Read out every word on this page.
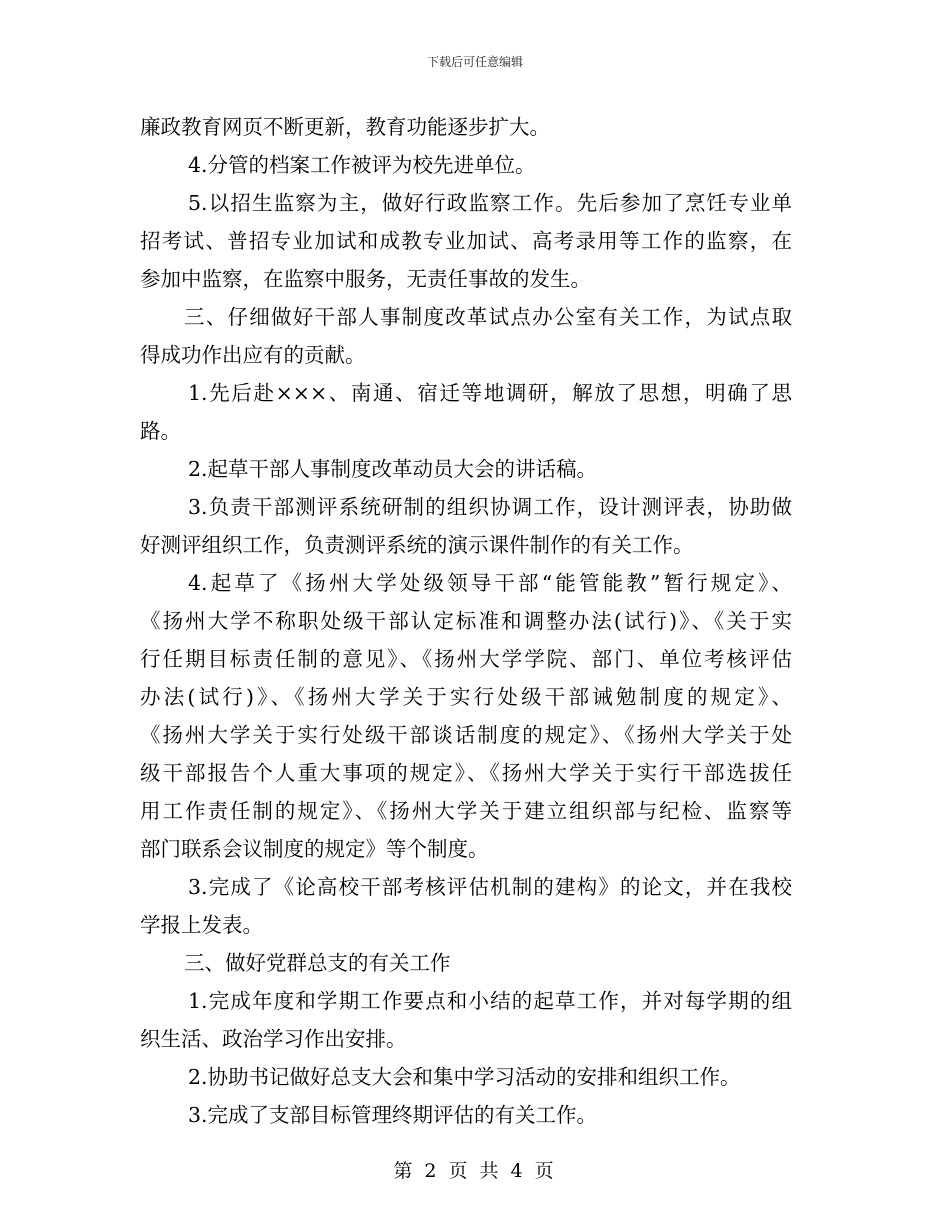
下载后可任意编辑
廉政教育网页不断更新，教育功能逐步扩大。
4.分管的档案工作被评为校先进单位。
5.以招生监察为主，做好行政监察工作。先后参加了烹饪专业单
招考试、普招专业加试和成教专业加试、高考录用等工作的监察，在
参加中监察，在监察中服务，无责任事故的发生。
三、仔细做好干部人事制度改革试点办公室有关工作，为试点取
得成功作出应有的贡献。
1.先后赴×××、南通、宿迁等地调研，解放了思想，明确了思
路。
2.起草干部人事制度改革动员大会的讲话稿。
3.负责干部测评系统研制的组织协调工作，设计测评表，协助做
好测评组织工作，负责测评系统的演示课件制作的有关工作。
4.起草了《扬州大学处级领导干部“能管能教”暂行规定》、
《扬州大学不称职处级干部认定标准和调整办法(试行)》、《关于实
行任期目标责任制的意见》、《扬州大学学院、部门、单位考核评估
办法(试行)》、《扬州大学关于实行处级干部诫勉制度的规定》、
《扬州大学关于实行处级干部谈话制度的规定》、《扬州大学关于处
级干部报告个人重大事项的规定》、《扬州大学关于实行干部选拔任
用工作责任制的规定》、《扬州大学关于建立组织部与纪检、监察等
部门联系会议制度的规定》等个制度。
3.完成了《论高校干部考核评估机制的建构》的论文，并在我校
学报上发表。
三、做好党群总支的有关工作
1.完成年度和学期工作要点和小结的起草工作，并对每学期的组
织生活、政治学习作出安排。
2.协助书记做好总支大会和集中学习活动的安排和组织工作。
3.完成了支部目标管理终期评估的有关工作。
第 2 页 共 4 页
